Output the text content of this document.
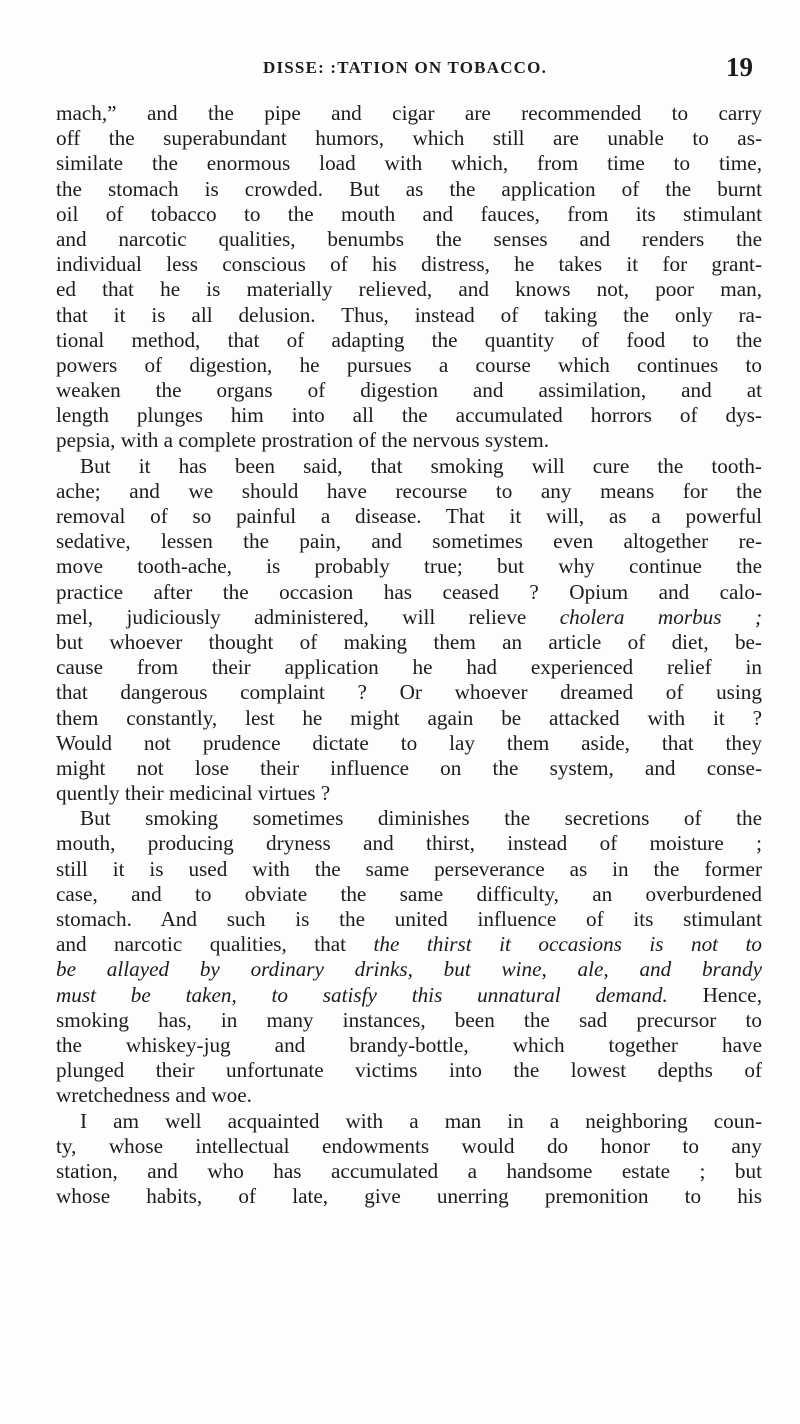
DISSE: :TATION ON TOBACCO.	19
mach,” and the pipe and cigar are recommended to carry
off the superabundant humors, which still are unable to as-
similate the enormous load with which, from time to time,
the stomach is crowded. But as the application of the burnt
oil of tobacco to the mouth and fauces, from its stimulant
and narcotic qualities, benumbs the senses and renders the
individual less conscious of his distress, he takes it for grant-
ed that he is materially relieved, and knows not, poor man,
that it is all delusion. Thus, instead of taking the only ra-
tional method, that of adapting the quantity of food to the
powers of digestion, he pursues a course which continues to
weaken the organs of digestion and assimilation, and at
length plunges him into all the accumulated horrors of dys-
pepsia, with a complete prostration of the nervous system.
But it has been said, that smoking will cure the tooth-
ache; and we should have recourse to any means for the
removal of so painful a disease. That it will, as a powerful
sedative, lessen the pain, and sometimes even altogether re-
move tooth-ache, is probably true; but why continue the
practice after the occasion has ceased ? Opium and calo-
mel, judiciously administered, will relieve cholera morbus ;
but whoever thought of making them an article of diet, be-
cause from their application he had experienced relief in
that dangerous complaint ? Or whoever dreamed of using
them constantly, lest he might again be attacked with it ?
Would not prudence dictate to lay them aside, that they
might not lose their influence on the system, and conse-
quently their medicinal virtues ?
But smoking sometimes diminishes the secretions of the
mouth, producing dryness and thirst, instead of moisture ;
still it is used with the same perseverance as in the former
case, and to obviate the same difficulty, an overburdened
stomach. And such is the united influence of its stimulant
and narcotic qualities, that the thirst it occasions is not to
be allayed by ordinary drinks, but wine, ale, and brandy
must be taken, to satisfy this unnatural demand. Hence,
smoking has, in many instances, been the sad precursor to
the whiskey-jug and brandy-bottle, which together have
plunged their unfortunate victims into the lowest depths of
wretchedness and woe.
I am well acquainted with a man in a neighboring coun-
ty, whose intellectual endowments would do honor to any
station, and who has accumulated a handsome estate ; but
whose habits, of late, give unerring premonition to his
